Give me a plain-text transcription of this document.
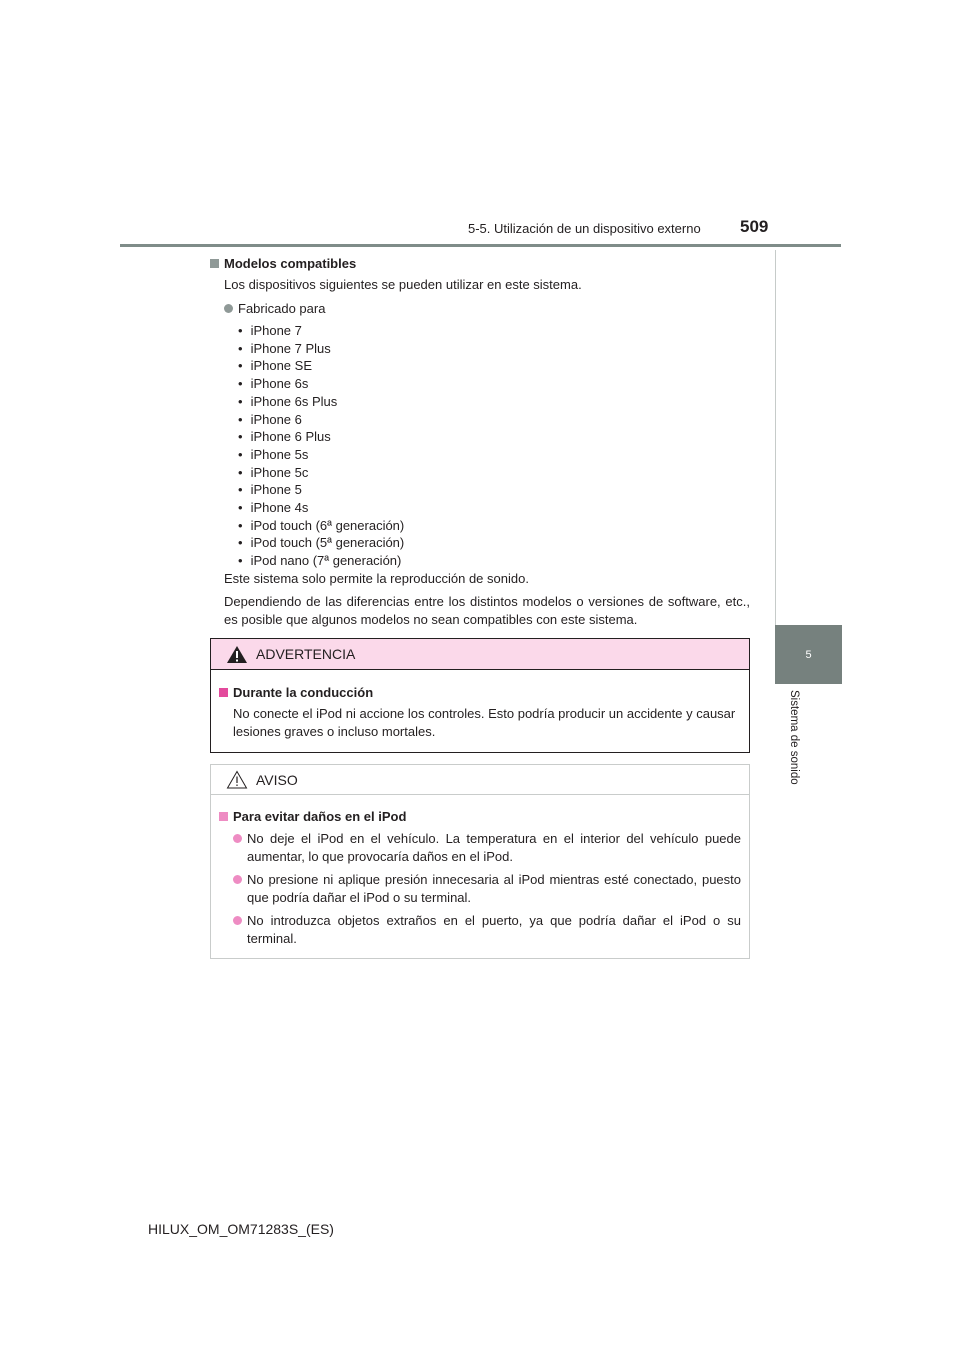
5-5. Utilización de un dispositivo externo 509
5
Sistema de sonido
Modelos compatibles

Los dispositivos siguientes se pueden utilizar en este sistema.

Fabricado para
• iPhone 7
• iPhone 7 Plus
• iPhone SE
• iPhone 6s
• iPhone 6s Plus
• iPhone 6
• iPhone 6 Plus
• iPhone 5s
• iPhone 5c
• iPhone 5
• iPhone 4s
• iPod touch (6ª generación)
• iPod touch (5ª generación)
• iPod nano (7ª generación)

Este sistema solo permite la reproducción de sonido.

Dependiendo de las diferencias entre los distintos modelos o versiones de software, etc., es posible que algunos modelos no sean compatibles con este sistema.

ADVERTENCIA
Durante la conducción

No conecte el iPod ni accione los controles. Esto podría producir un accidente y causar lesiones graves o incluso mortales.

AVISO
Para evitar daños en el iPod

No deje el iPod en el vehículo. La temperatura en el interior del vehículo puede aumentar, lo que provocaría daños en el iPod.

No presione ni aplique presión innecesaria al iPod mientras esté conectado, puesto que podría dañar el iPod o su terminal.

No introduzca objetos extraños en el puerto, ya que podría dañar el iPod o su terminal.

HILUX_OM_OM71283S_(ES)
